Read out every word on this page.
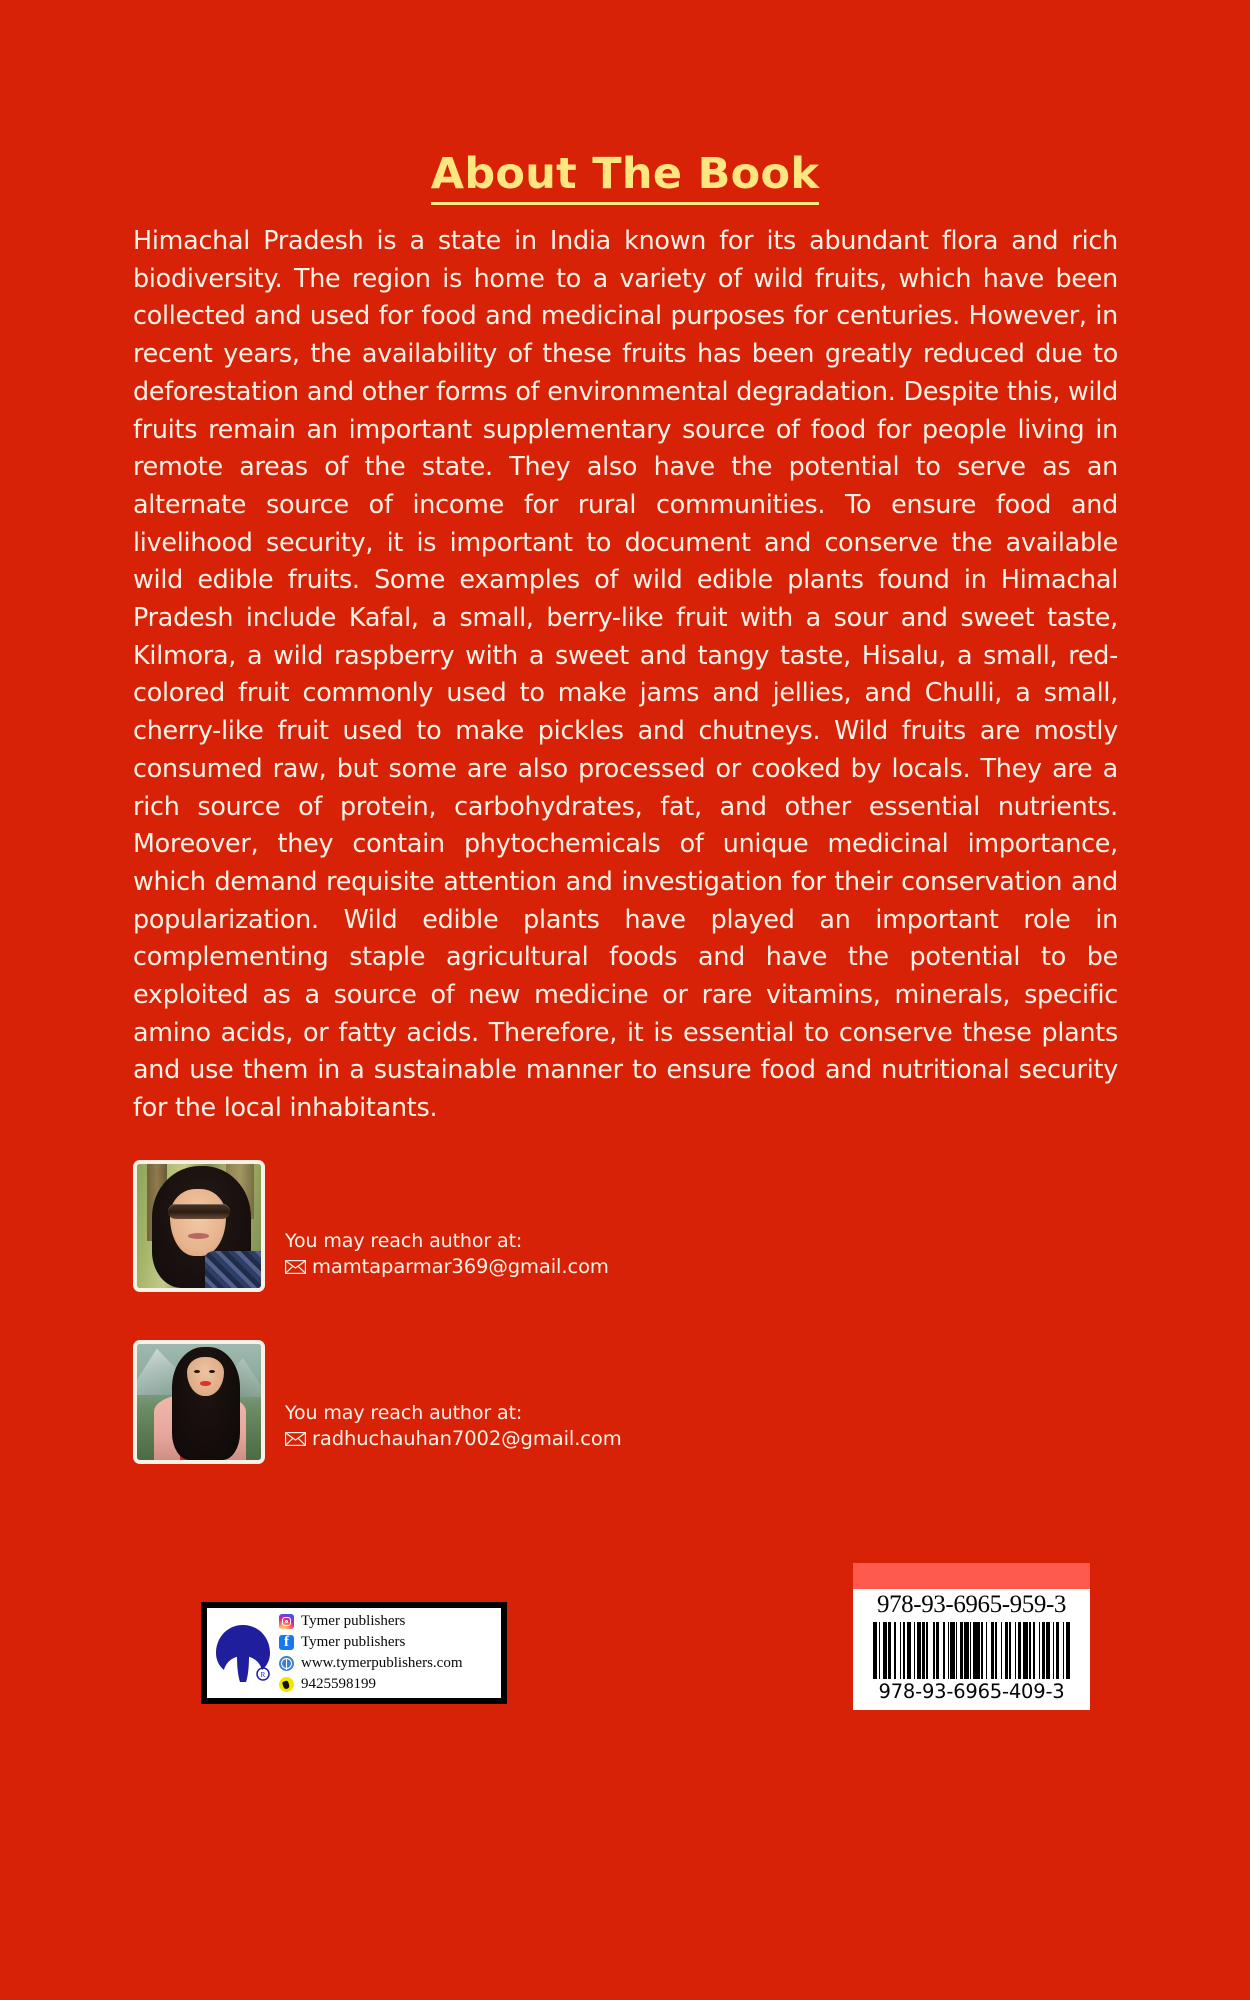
About The Book
Himachal Pradesh is a state in India known for its abundant flora and rich biodiversity. The region is home to a variety of wild fruits, which have been collected and used for food and medicinal purposes for centuries. However, in recent years, the availability of these fruits has been greatly reduced due to deforestation and other forms of environmental degradation. Despite this, wild fruits remain an important supplementary source of food for people living in remote areas of the state. They also have the potential to serve as an alternate source of income for rural communities. To ensure food and livelihood security, it is important to document and conserve the available wild edible fruits. Some examples of wild edible plants found in Himachal Pradesh include Kafal, a small, berry-like fruit with a sour and sweet taste, Kilmora, a wild raspberry with a sweet and tangy taste, Hisalu, a small, red-colored fruit commonly used to make jams and jellies, and Chulli, a small, cherry-like fruit used to make pickles and chutneys. Wild fruits are mostly consumed raw, but some are also processed or cooked by locals. They are a rich source of protein, carbohydrates, fat, and other essential nutrients. Moreover, they contain phytochemicals of unique medicinal importance, which demand requisite attention and investigation for their conservation and popularization. Wild edible plants have played an important role in complementing staple agricultural foods and have the potential to be exploited as a source of new medicine or rare vitamins, minerals, specific amino acids, or fatty acids. Therefore, it is essential to conserve these plants and use them in a sustainable manner to ensure food and nutritional security for the local inhabitants.
You may reach author at:
mamtaparmar369@gmail.com
You may reach author at:
radhuchauhan7002@gmail.com
R
Tymer publishers
f
Tymer publishers
www.tymerpublishers.com
9425598199
978-93-6965-959-3
978-93-6965-409-3
